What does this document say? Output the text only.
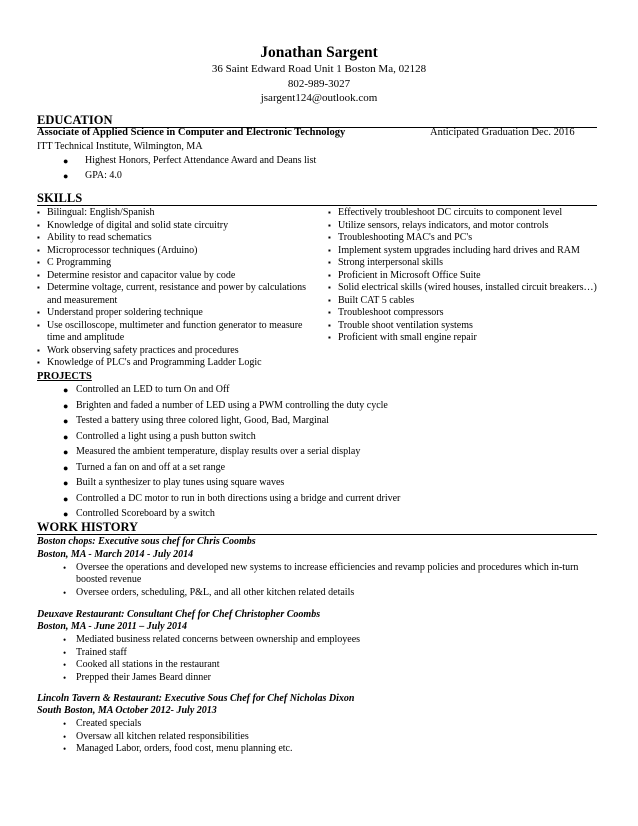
Jonathan Sargent
36 Saint Edward Road Unit 1 Boston Ma, 02128
802-989-3027
jsargent124@outlook.com
EDUCATION
Associate of Applied Science in Computer and Electronic Technology	Anticipated Graduation Dec. 2016
ITT Technical Institute, Wilmington, MA
● Highest Honors, Perfect Attendance Award and Deans list
● GPA: 4.0
SKILLS
▪ Bilingual: English/Spanish
▪ Knowledge of digital and solid state circuitry
▪ Ability to read schematics
▪ Microprocessor techniques (Arduino)
▪ C Programming
▪ Determine resistor and capacitor value by code
▪ Determine voltage, current, resistance and power by calculations
and measurement
▪ Understand proper soldering technique
▪ Use oscilloscope, multimeter and function generator to measure
time and amplitude
▪ Work observing safety practices and procedures
▪ Knowledge of PLC's and Programming Ladder Logic
▪ Effectively troubleshoot DC circuits to component level
▪ Utilize sensors, relays indicators, and motor controls
▪ Troubleshooting MAC's and PC's
▪ Implement system upgrades including hard drives and RAM
▪ Strong interpersonal skills
▪ Proficient in Microsoft Office Suite
▪ Solid electrical skills (wired houses, installed circuit breakers…)
▪ Built CAT 5 cables
▪ Troubleshoot compressors
▪ Trouble shoot ventilation systems
▪ Proficient with small engine repair
PROJECTS
● Controlled an LED to turn On and Off
● Brighten and faded a number of LED using a PWM controlling the duty cycle
● Tested a battery using three colored light, Good, Bad, Marginal
● Controlled a light using a push button switch
● Measured the ambient temperature, display results over a serial display
● Turned a fan on and off at a set range
● Built a synthesizer to play tunes using square waves
● Controlled a DC motor to run in both directions using a bridge and current driver
● Controlled Scoreboard by a switch
WORK HISTORY
Boston chops: Executive sous chef for Chris Coombs
Boston, MA - March 2014 - July 2014
• Oversee the operations and developed new systems to increase efficiencies and revamp policies and procedures which in-turn
boosted revenue
• Oversee orders, scheduling, P&L, and all other kitchen related details
Deuxave Restaurant: Consultant Chef for Chef Christopher Coombs
Boston, MA - June 2011 – July 2014
• Mediated business related concerns between ownership and employees
• Trained staff
• Cooked all stations in the restaurant
• Prepped their James Beard dinner
Lincoln Tavern & Restaurant: Executive Sous Chef for Chef Nicholas Dixon
South Boston, MA October 2012- July 2013
• Created specials
• Oversaw all kitchen related responsibilities
• Managed Labor, orders, food cost, menu planning etc.
